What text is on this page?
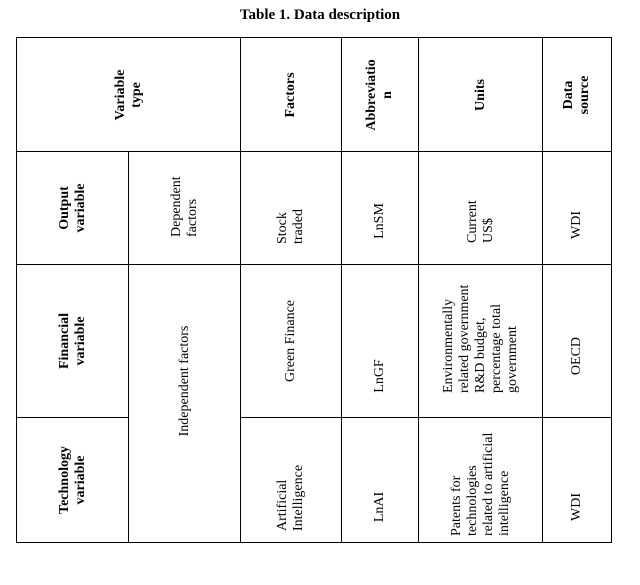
Table 1. Data description
Variable type		Factors	Abbreviation	Units	Data source

Output variable	Dependent factors	Stock traded	LnSM	Current US$	WDI

Financial variable	Independent factors	Green Finance	LnGF	Environmentally related government R&D budget, percentage total government	OECD

Technology variable		Artificial Intelligence	LnAI	Patents for technologies related to artificial intelligence	WDI
